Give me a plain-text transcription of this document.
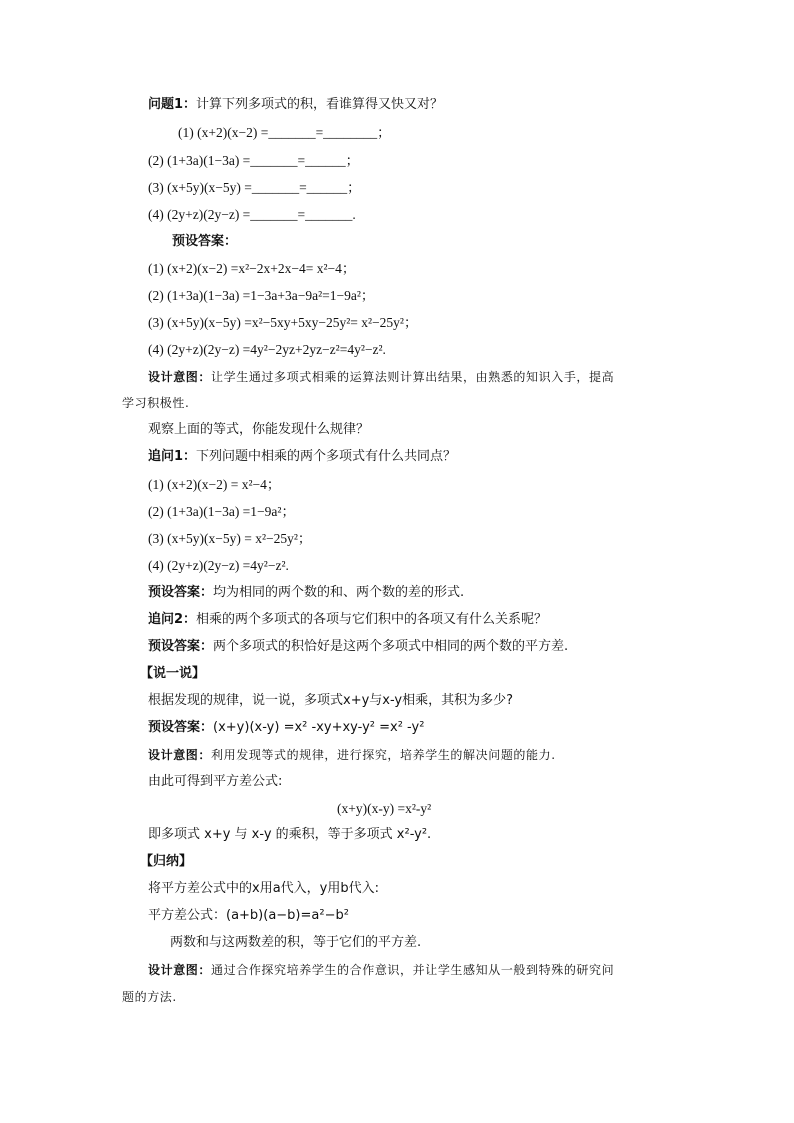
问题1：计算下列多项式的积，看谁算得又快又对？
(1) (x+2)(x−2) =_______=________；
(2) (1+3a)(1−3a) =_______=______；
(3) (x+5y)(x−5y) =_______=______；
(4) (2y+z)(2y−z) =_______=_______.
预设答案：
(1) (x+2)(x−2) =x²−2x+2x−4= x²−4；
(2) (1+3a)(1−3a) =1−3a+3a−9a²=1−9a²；
(3) (x+5y)(x−5y) =x²−5xy+5xy−25y²= x²−25y²；
(4) (2y+z)(2y−z) =4y²−2yz+2yz−z²=4y²−z².
设计意图：让学生通过多项式相乘的运算法则计算出结果，由熟悉的知识入手，提高
学习积极性.
观察上面的等式，你能发现什么规律？
追问1：下列问题中相乘的两个多项式有什么共同点？
(1) (x+2)(x−2) = x²−4；
(2) (1+3a)(1−3a) =1−9a²；
(3) (x+5y)(x−5y) = x²−25y²；
(4) (2y+z)(2y−z) =4y²−z².
预设答案：均为相同的两个数的和、两个数的差的形式.
追问2：相乘的两个多项式的各项与它们积中的各项又有什么关系呢？
预设答案：两个多项式的积恰好是这两个多项式中相同的两个数的平方差.
【说一说】
根据发现的规律，说一说，多项式x+y与x-y相乘，其积为多少?
预设答案：(x+y)(x-y) =x² -xy+xy-y² =x² -y²
设计意图：利用发现等式的规律，进行探究，培养学生的解决问题的能力.
由此可得到平方差公式:
(x+y)(x-y) =x²-y²
即多项式 x+y 与 x-y 的乘积，等于多项式 x²-y².
【归纳】
将平方差公式中的x用a代入，y用b代入:
平方差公式：(a+b)(a−b)=a²−b²
两数和与这两数差的积，等于它们的平方差.
设计意图：通过合作探究培养学生的合作意识，并让学生感知从一般到特殊的研究问
题的方法.
